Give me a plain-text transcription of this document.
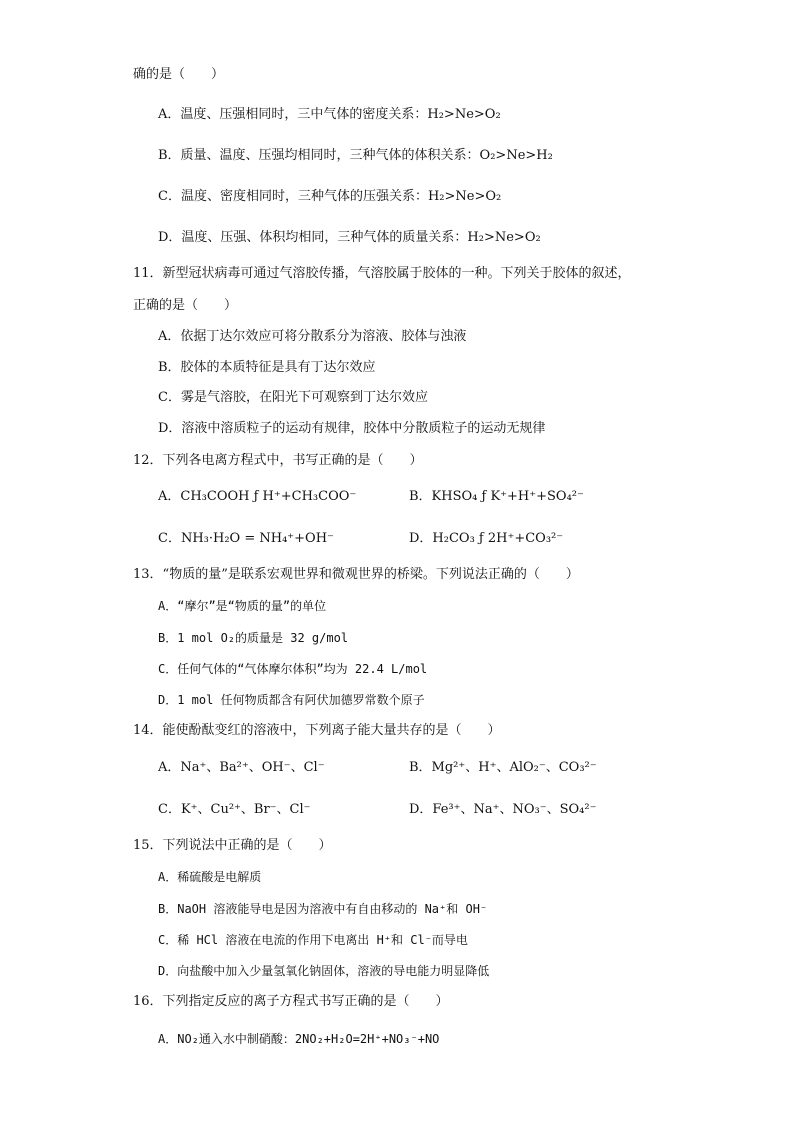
确的是（　　）
A．温度、压强相同时，三中气体的密度关系：H₂>Ne>O₂
B．质量、温度、压强均相同时，三种气体的体积关系：O₂>Ne>H₂
C．温度、密度相同时，三种气体的压强关系：H₂>Ne>O₂
D．温度、压强、体积均相同，三种气体的质量关系：H₂>Ne>O₂
11．新型冠状病毒可通过气溶胶传播，气溶胶属于胶体的一种。下列关于胶体的叙述，
正确的是（　　）
A．依据丁达尔效应可将分散系分为溶液、胶体与浊液
B．胶体的本质特征是具有丁达尔效应
C．雾是气溶胶，在阳光下可观察到丁达尔效应
D．溶液中溶质粒子的运动有规律，胶体中分散质粒子的运动无规律
12．下列各电离方程式中，书写正确的是（　　）
A．CH₃COOH ƒ H⁺+CH₃COO⁻	B．KHSO₄ ƒ K⁺+H⁺+SO₄²⁻
C．NH₃·H₂O = NH₄⁺+OH⁻	D．H₂CO₃ ƒ 2H⁺+CO₃²⁻
13．“物质的量”是联系宏观世界和微观世界的桥梁。下列说法正确的（　　）
A．“摩尔”是“物质的量”的单位
B．1 mol O₂的质量是 32 g/mol
C．任何气体的“气体摩尔体积”均为 22.4 L/mol
D．1 mol 任何物质都含有阿伏加德罗常数个原子
14．能使酚酞变红的溶液中，下列离子能大量共存的是（　　）
A．Na⁺、Ba²⁺、OH⁻、Cl⁻	B．Mg²⁺、H⁺、AlO₂⁻、CO₃²⁻
C．K⁺、Cu²⁺、Br⁻、Cl⁻	D．Fe³⁺、Na⁺、NO₃⁻、SO₄²⁻
15．下列说法中正确的是（　　）
A．稀硫酸是电解质
B．NaOH 溶液能导电是因为溶液中有自由移动的 Na⁺和 OH⁻
C．稀 HCl 溶液在电流的作用下电离出 H⁺和 Cl⁻而导电
D．向盐酸中加入少量氢氧化钠固体，溶液的导电能力明显降低
16．下列指定反应的离子方程式书写正确的是（　　）
A．NO₂通入水中制硝酸：2NO₂+H₂O=2H⁺+NO₃⁻+NO
